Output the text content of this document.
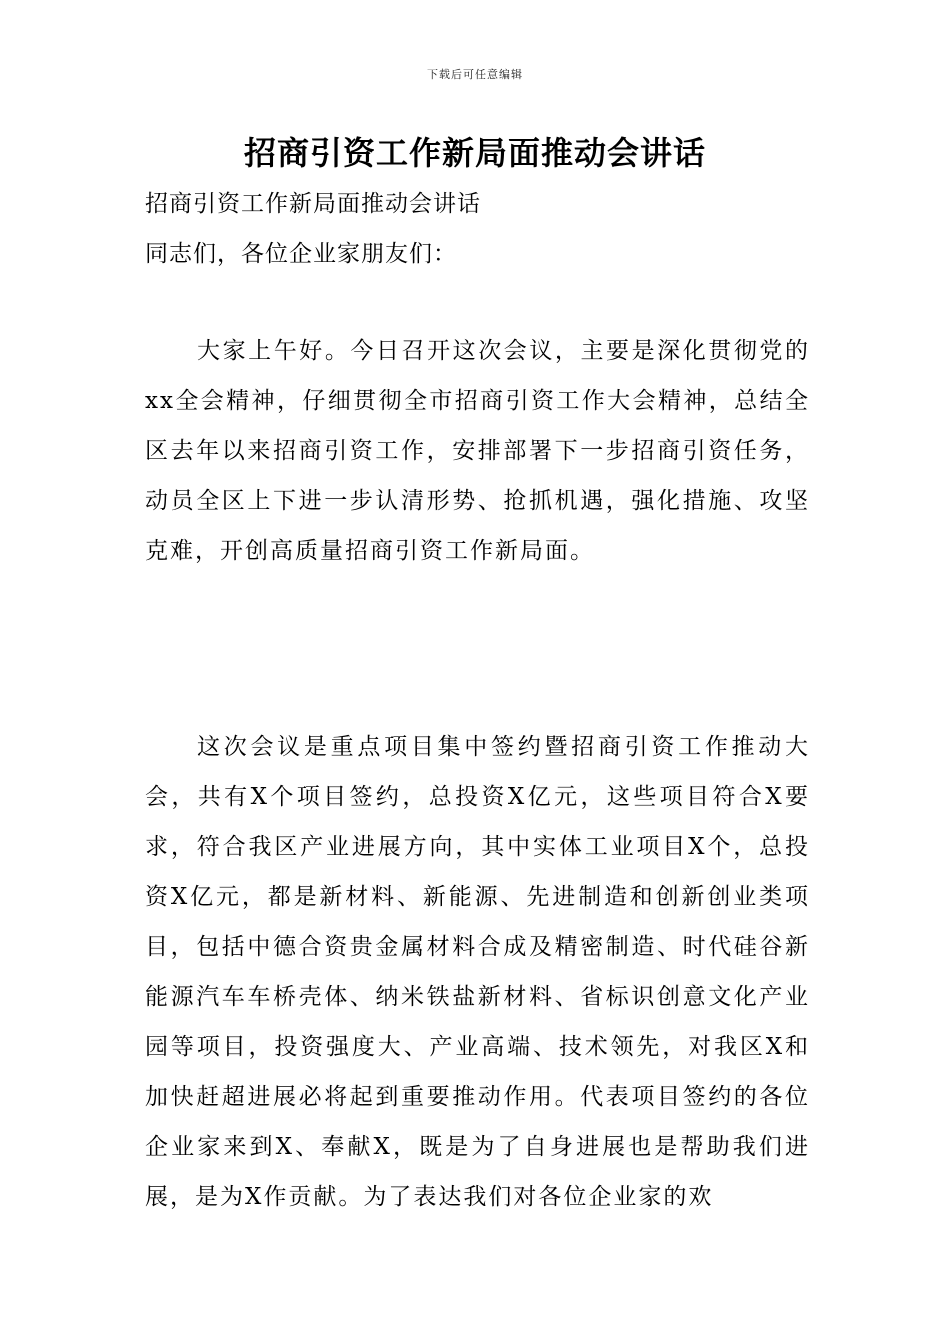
下载后可任意编辑
招商引资工作新局面推动会讲话
招商引资工作新局面推动会讲话
同志们，各位企业家朋友们：

大家上午好。今日召开这次会议，主要是深化贯彻党的xx全会精神，仔细贯彻全市招商引资工作大会精神，总结全区去年以来招商引资工作，安排部署下一步招商引资任务，动员全区上下进一步认清形势、抢抓机遇，强化措施、攻坚克难，开创高质量招商引资工作新局面。

这次会议是重点项目集中签约暨招商引资工作推动大会，共有X个项目签约，总投资X亿元，这些项目符合X要求，符合我区产业进展方向，其中实体工业项目X个，总投资X亿元，都是新材料、新能源、先进制造和创新创业类项目，包括中德合资贵金属材料合成及精密制造、时代硅谷新能源汽车车桥壳体、纳米铁盐新材料、省标识创意文化产业园等项目，投资强度大、产业高端、技术领先，对我区X和加快赶超进展必将起到重要推动作用。代表项目签约的各位企业家来到X、奉献X，既是为了自身进展也是帮助我们进展，是为X作贡献。为了表达我们对各位企业家的欢
